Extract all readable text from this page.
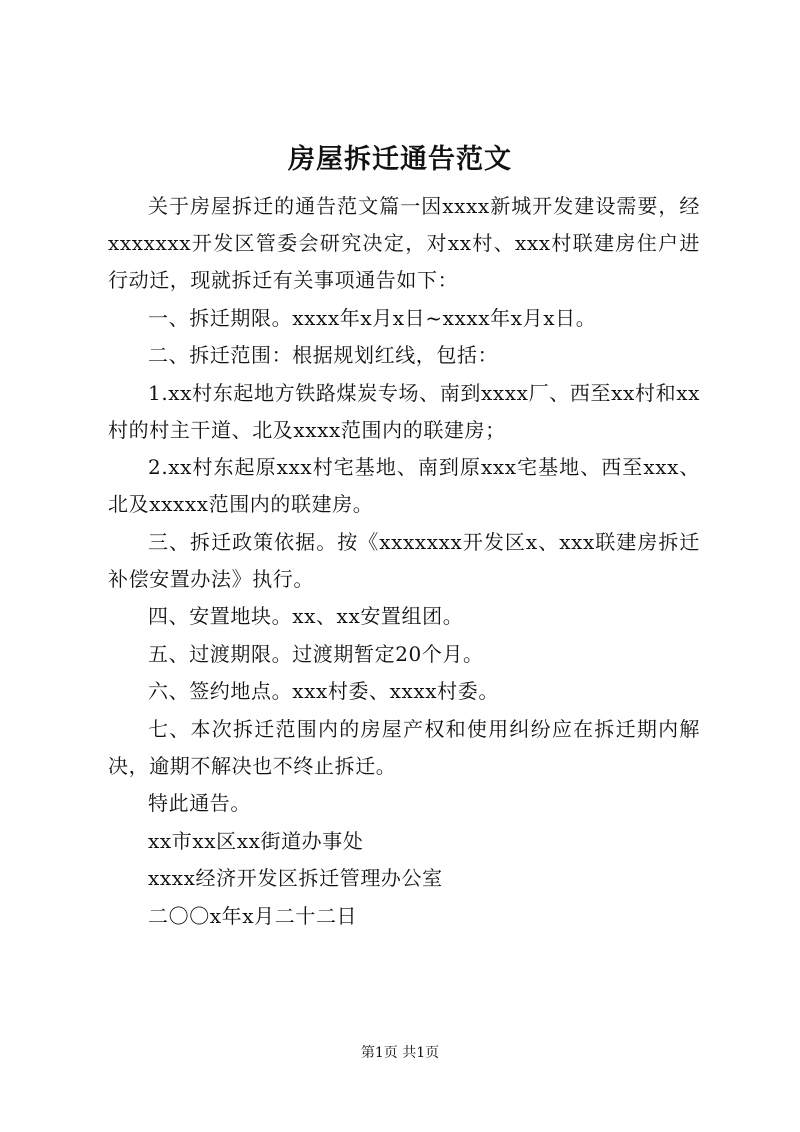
房屋拆迁通告范文

关于房屋拆迁的通告范文篇一因xxxx新城开发建设需要，经xxxxxxx开发区管委会研究决定，对xx村、xxx村联建房住户进行动迁，现就拆迁有关事项通告如下：

一、拆迁期限。xxxx年x月x日~xxxx年x月x日。

二、拆迁范围：根据规划红线，包括：

1.xx村东起地方铁路煤炭专场、南到xxxx厂、西至xx村和xx村的村主干道、北及xxxx范围内的联建房；

2.xx村东起原xxx村宅基地、南到原xxx宅基地、西至xxx、北及xxxxx范围内的联建房。

三、拆迁政策依据。按《xxxxxxx开发区x、xxx联建房拆迁补偿安置办法》执行。

四、安置地块。xx、xx安置组团。

五、过渡期限。过渡期暂定20个月。

六、签约地点。xxx村委、xxxx村委。

七、本次拆迁范围内的房屋产权和使用纠纷应在拆迁期内解决，逾期不解决也不终止拆迁。

特此通告。

xx市xx区xx街道办事处

xxxx经济开发区拆迁管理办公室

二〇〇x年x月二十二日

第1页 共1页
